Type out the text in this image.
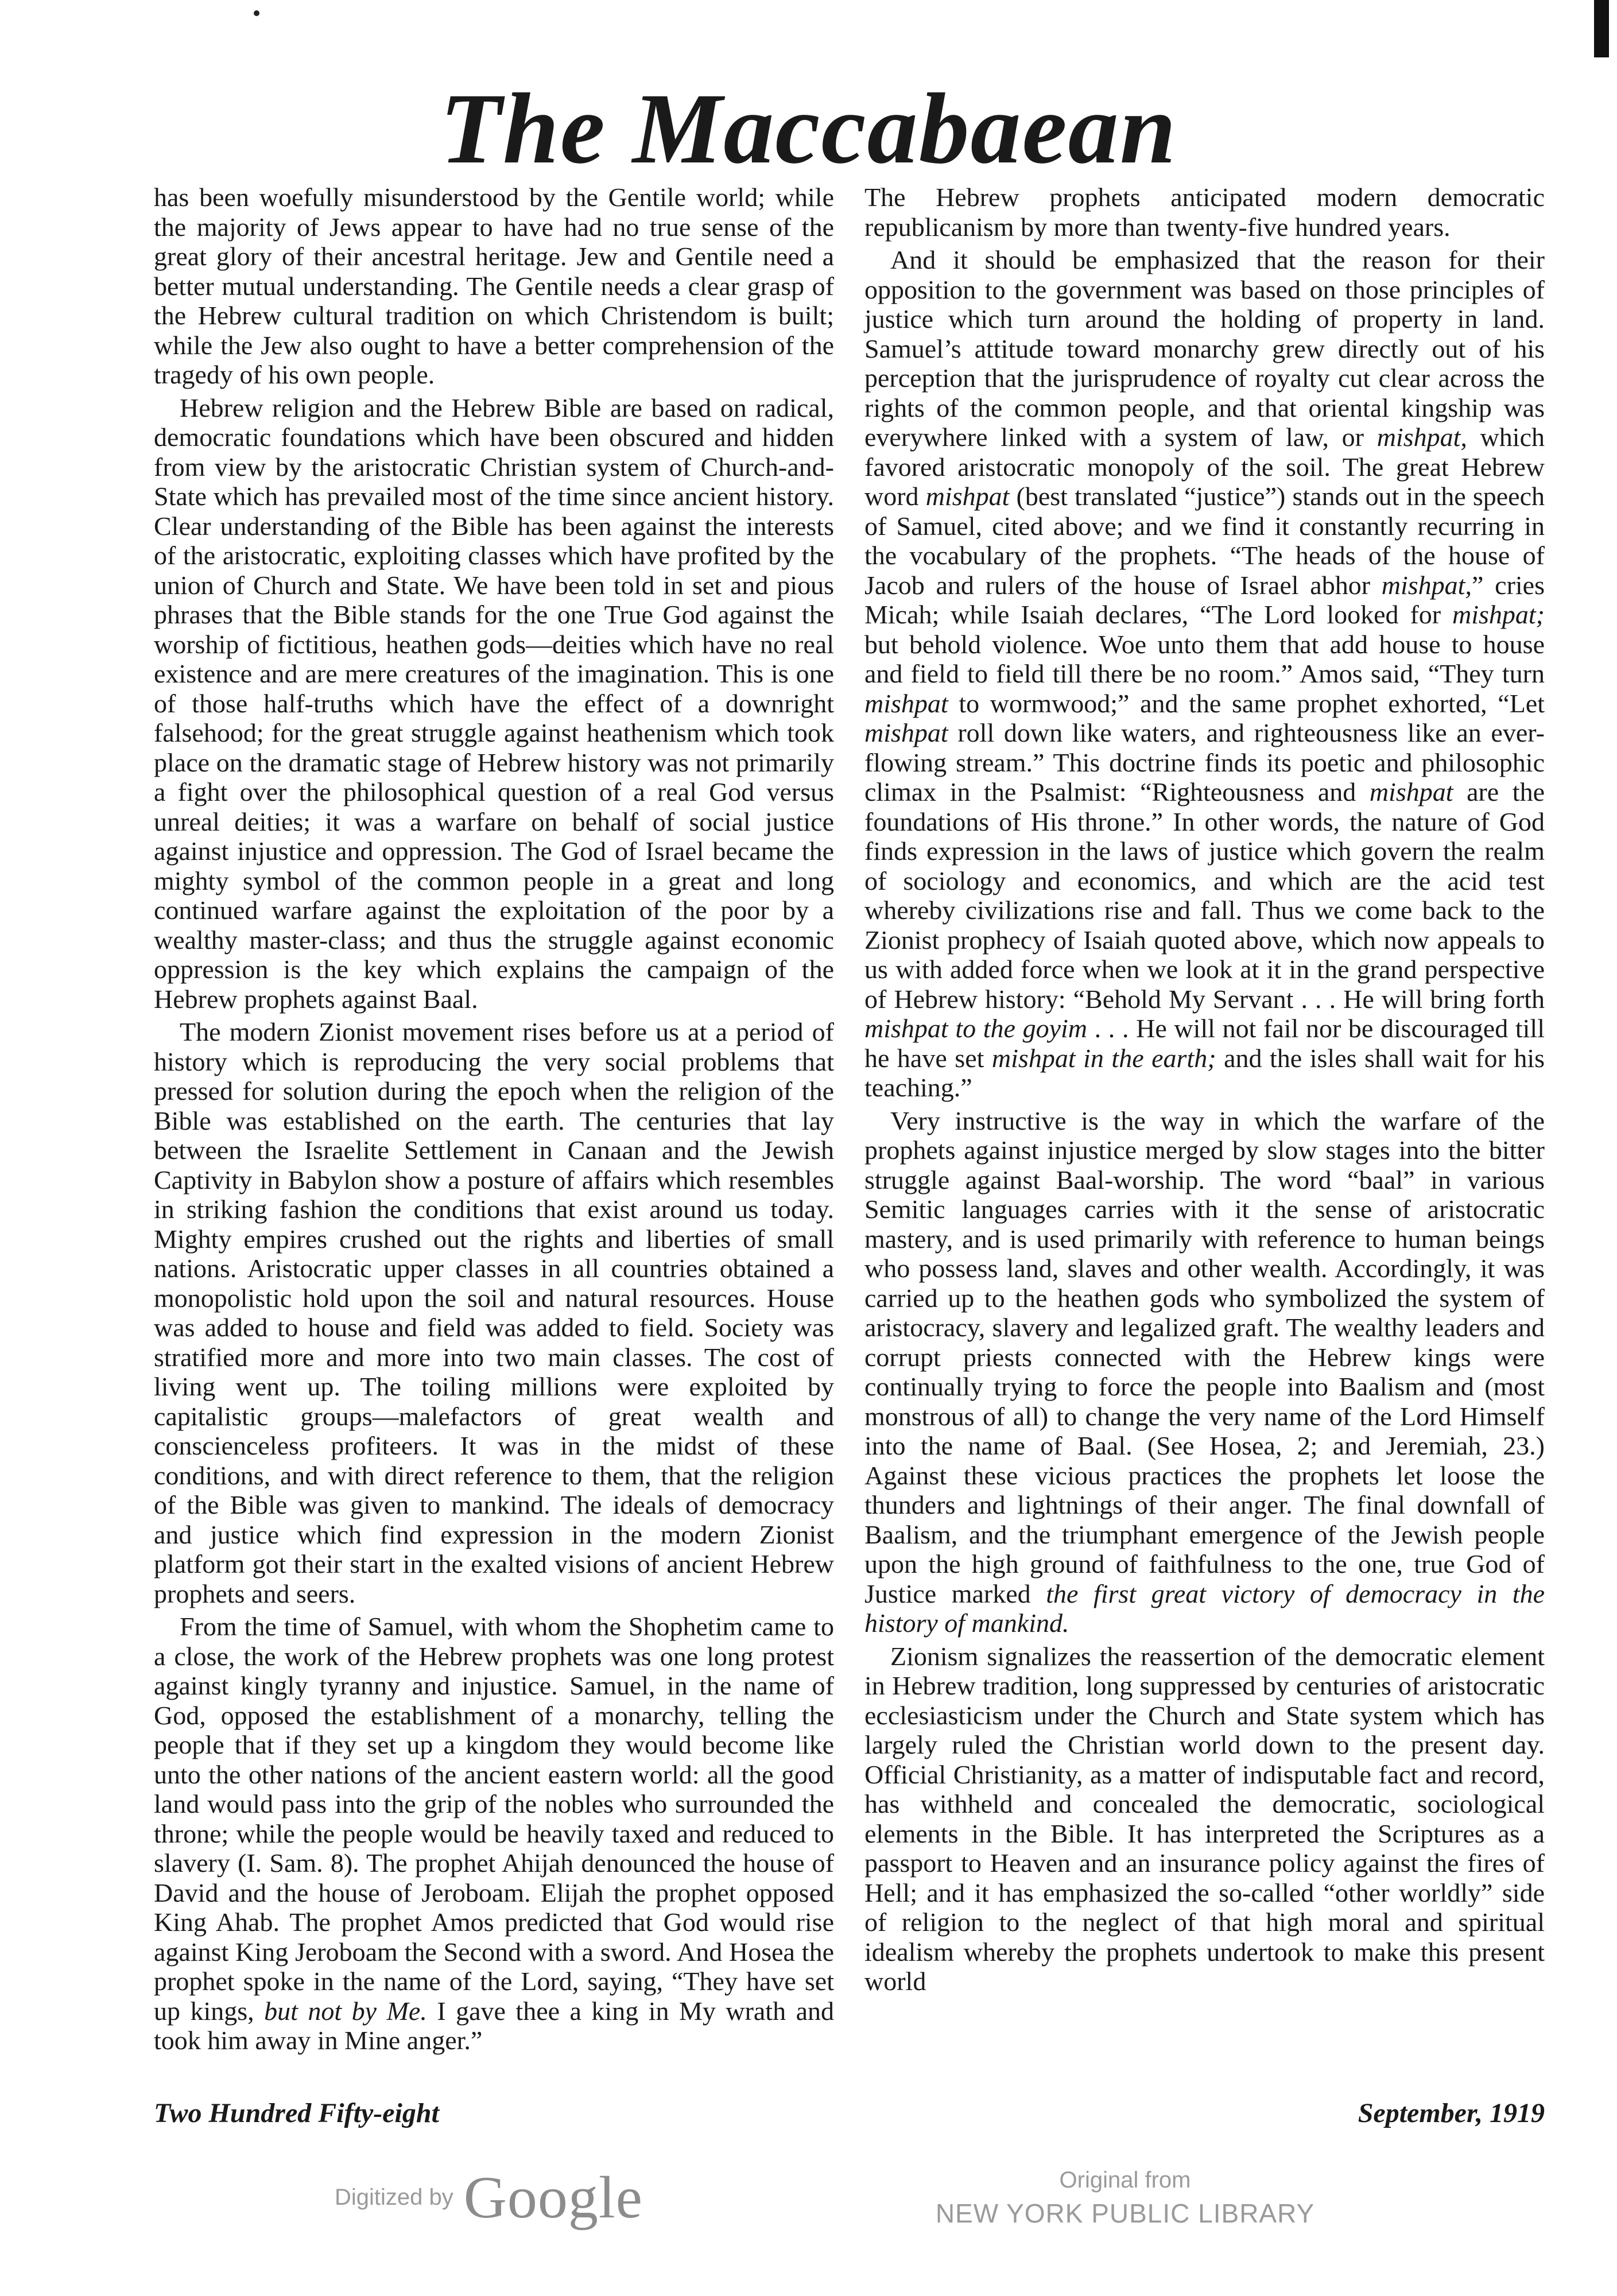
The Maccabaean

has been woefully misunderstood by the Gentile world; while the majority of Jews appear to have had no true sense of the great glory of their ancestral heritage. Jew and Gentile need a better mutual understanding. The Gentile needs a clear grasp of the Hebrew cultural tradition on which Christendom is built; while the Jew also ought to have a better comprehension of the tragedy of his own people.

Hebrew religion and the Hebrew Bible are based on radical, democratic foundations which have been obscured and hidden from view by the aristocratic Christian system of Church-and-State which has prevailed most of the time since ancient history. Clear understanding of the Bible has been against the interests of the aristocratic, exploiting classes which have profited by the union of Church and State. We have been told in set and pious phrases that the Bible stands for the one True God against the worship of fictitious, heathen gods—deities which have no real existence and are mere creatures of the imagination. This is one of those half-truths which have the effect of a downright falsehood; for the great struggle against heathenism which took place on the dramatic stage of Hebrew history was not primarily a fight over the philosophical question of a real God versus unreal deities; it was a warfare on behalf of social justice against injustice and oppression. The God of Israel became the mighty symbol of the common people in a great and long continued warfare against the exploitation of the poor by a wealthy master-class; and thus the struggle against economic oppression is the key which explains the campaign of the Hebrew prophets against Baal.

The modern Zionist movement rises before us at a period of history which is reproducing the very social problems that pressed for solution during the epoch when the religion of the Bible was established on the earth. The centuries that lay between the Israelite Settlement in Canaan and the Jewish Captivity in Babylon show a posture of affairs which resembles in striking fashion the conditions that exist around us today. Mighty empires crushed out the rights and liberties of small nations. Aristocratic upper classes in all countries obtained a monopolistic hold upon the soil and natural resources. House was added to house and field was added to field. Society was stratified more and more into two main classes. The cost of living went up. The toiling millions were exploited by capitalistic groups—malefactors of great wealth and conscienceless profiteers. It was in the midst of these conditions, and with direct reference to them, that the religion of the Bible was given to mankind. The ideals of democracy and justice which find expression in the modern Zionist platform got their start in the exalted visions of ancient Hebrew prophets and seers.

From the time of Samuel, with whom the Shophetim came to a close, the work of the Hebrew prophets was one long protest against kingly tyranny and injustice. Samuel, in the name of God, opposed the establishment of a monarchy, telling the people that if they set up a kingdom they would become like unto the other nations of the ancient eastern world: all the good land would pass into the grip of the nobles who surrounded the throne; while the people would be heavily taxed and reduced to slavery (I. Sam. 8). The prophet Ahijah denounced the house of David and the house of Jeroboam. Elijah the prophet opposed King Ahab. The prophet Amos predicted that God would rise against King Jeroboam the Second with a sword. And Hosea the prophet spoke in the name of the Lord, saying, “They have set up kings, but not by Me. I gave thee a king in My wrath and took him away in Mine anger.”

The Hebrew prophets anticipated modern democratic republicanism by more than twenty-five hundred years.

And it should be emphasized that the reason for their opposition to the government was based on those principles of justice which turn around the holding of property in land. Samuel’s attitude toward monarchy grew directly out of his perception that the jurisprudence of royalty cut clear across the rights of the common people, and that oriental kingship was everywhere linked with a system of law, or mishpat, which favored aristocratic monopoly of the soil. The great Hebrew word mishpat (best translated “justice”) stands out in the speech of Samuel, cited above; and we find it constantly recurring in the vocabulary of the prophets. “The heads of the house of Jacob and rulers of the house of Israel abhor mishpat,” cries Micah; while Isaiah declares, “The Lord looked for mishpat; but behold violence. Woe unto them that add house to house and field to field till there be no room.” Amos said, “They turn mishpat to wormwood;” and the same prophet exhorted, “Let mishpat roll down like waters, and righteousness like an ever-flowing stream.” This doctrine finds its poetic and philosophic climax in the Psalmist: “Righteousness and mishpat are the foundations of His throne.” In other words, the nature of God finds expression in the laws of justice which govern the realm of sociology and economics, and which are the acid test whereby civilizations rise and fall. Thus we come back to the Zionist prophecy of Isaiah quoted above, which now appeals to us with added force when we look at it in the grand perspective of Hebrew history: “Behold My Servant . . . He will bring forth mishpat to the goyim . . . He will not fail nor be discouraged till he have set mishpat in the earth; and the isles shall wait for his teaching.”

Very instructive is the way in which the warfare of the prophets against injustice merged by slow stages into the bitter struggle against Baal-worship. The word “baal” in various Semitic languages carries with it the sense of aristocratic mastery, and is used primarily with reference to human beings who possess land, slaves and other wealth. Accordingly, it was carried up to the heathen gods who symbolized the system of aristocracy, slavery and legalized graft. The wealthy leaders and corrupt priests connected with the Hebrew kings were continually trying to force the people into Baalism and (most monstrous of all) to change the very name of the Lord Himself into the name of Baal. (See Hosea, 2; and Jeremiah, 23.) Against these vicious practices the prophets let loose the thunders and lightnings of their anger. The final downfall of Baalism, and the triumphant emergence of the Jewish people upon the high ground of faithfulness to the one, true God of Justice marked the first great victory of democracy in the history of mankind.

Zionism signalizes the reassertion of the democratic element in Hebrew tradition, long suppressed by centuries of aristocratic ecclesiasticism under the Church and State system which has largely ruled the Christian world down to the present day. Official Christianity, as a matter of indisputable fact and record, has withheld and concealed the democratic, sociological elements in the Bible. It has interpreted the Scriptures as a passport to Heaven and an insurance policy against the fires of Hell; and it has emphasized the so-called “other worldly” side of religion to the neglect of that high moral and spiritual idealism whereby the prophets undertook to make this present world

Two Hundred Fifty-eight	September, 1919
Digitized by Google	Original from
NEW YORK PUBLIC LIBRARY
